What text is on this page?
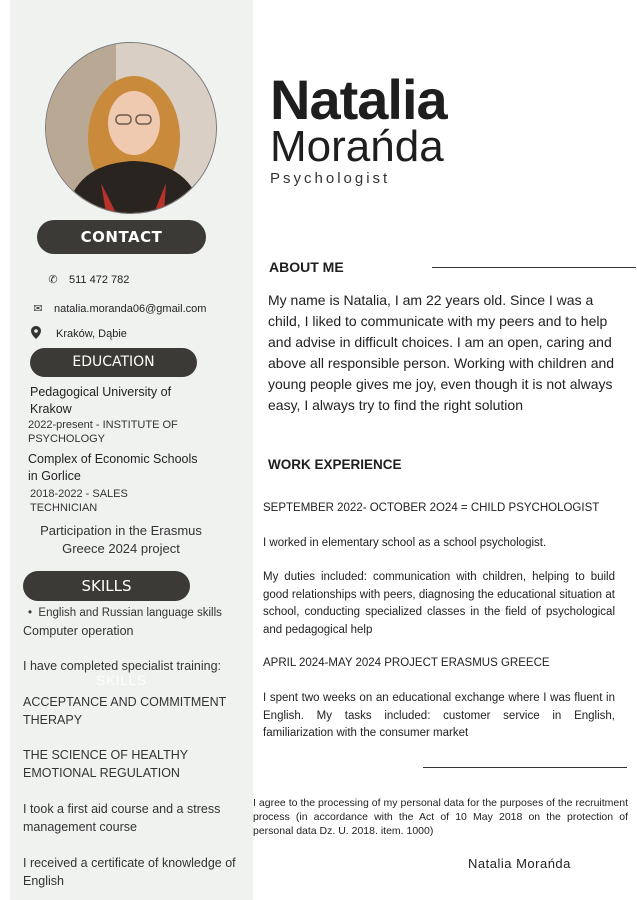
CONTACT
✆ 511 472 782
✉ natalia.moranda06@gmail.com
Kraków, Dąbie
EDUCATION
Pedagogical University of Krakow
2022-present - INSTITUTE OF PSYCHOLOGY
Complex of Economic Schools in Gorlice
2018-2022 - SALES TECHNICIAN
Participation in the Erasmus Greece 2024 project
SKILLS
•  English and Russian language skills
Computer operation
I have completed specialist training:
SKILLS
ACCEPTANCE AND COMMITMENT THERAPY
THE SCIENCE OF HEALTHY EMOTIONAL REGULATION
I took a first aid course and a stress management course
I received a certificate of knowledge of English
Natalia
Morańda
Psychologist
ABOUT ME
My name is Natalia, I am 22 years old. Since I was a child, I liked to communicate with my peers and to help and advise in difficult choices. I am an open, caring and above all responsible person. Working with children and young people gives me joy, even though it is not always easy, I always try to find the right solution
WORK EXPERIENCE
SEPTEMBER 2022- OCTOBER 2O24 = CHILD PSYCHOLOGIST
I worked in elementary school as a school psychologist.
My duties included: communication with children, helping to build good relationships with peers, diagnosing the educational situation at school, conducting specialized classes in the field of psychological and pedagogical help
APRIL 2024-MAY 2024 PROJECT ERASMUS GREECE
I spent two weeks on an educational exchange where I was fluent in English. My tasks included: customer service in English, familiarization with the consumer market
I agree to the processing of my personal data for the purposes of the recruitment process (in accordance with the Act of 10 May 2018 on the protection of personal data Dz. U. 2018. item. 1000)
Natalia Morańda
